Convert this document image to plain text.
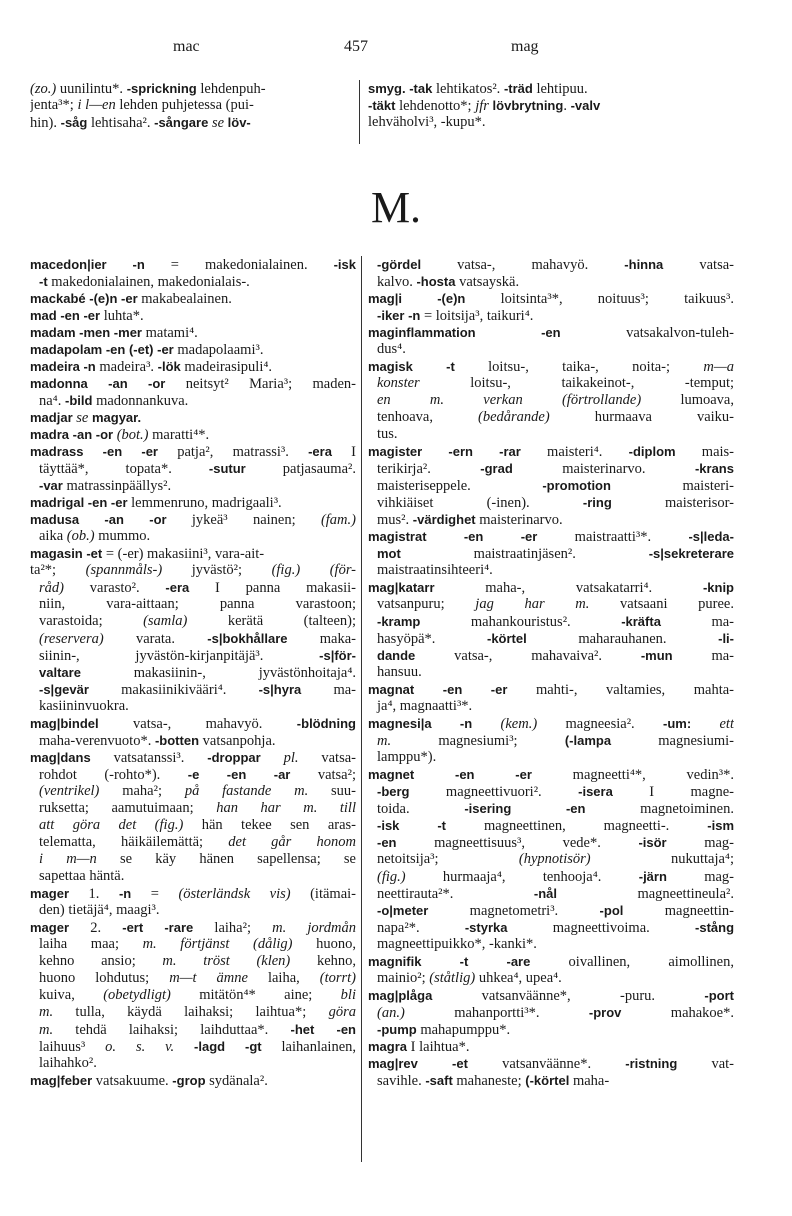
mac	457	mag
(zo.) uunilintu*. -sprickning lehdenpuh-
jenta³*; i l—en lehden puhjetessa (pui-
hin). -såg lehtisaha². -sångare se löv-
smyg. -tak lehtikatos². -träd lehtipuu.
-täkt lehdenotto*; jfr lövbrytning. -valv
lehväholvi³, -kupu*.
M.
macedon|ier -n = makedonialainen. -isk
-t makedonialainen, makedonialais-.
mackabé -(e)n -er makabealainen.
mad -en -er luhta*.
madam -men -mer matami⁴.
madapolam -en (-et) -er madapolaami³.
madeira -n madeira³. -lök madeirasipuli⁴.
madonna -an -or neitsyt² Maria³; maden-
na⁴. -bild madonnankuva.
madjar se magyar.
madra -an -or (bot.) maratti⁴*.
madrass -en -er patja², matrassi³. -era I
täyttää*, topata*. -sutur patjasauma².
-var matrassinpäällys².
madrigal -en -er lemmenruno, madrigaali³.
madusa -an -or jykeä³ nainen; (fam.)
aika (ob.) mummo.
magasin -et = (-er) makasiini³, vara-ait-
ta²*; (spannmåls-) jyvästö²; (fig.) (för-
råd) varasto². -era I panna makasii-
niin, vara-aittaan; panna varastoon;
varastoida; (samla) kerätä (talteen);
(reservera) varata. -s|bokhållare maka-
siinin-, jyvästön-kirjanpitäjä³. -s|för-
valtare makasiinin-, jyvästönhoitaja⁴.
-s|gevär makasiinikivääri⁴. -s|hyra ma-
kasiininvuokra.
mag|bindel vatsa-, mahavyö. -blödning
maha-verenvuoto*. -botten vatsanpohja.
mag|dans vatsatanssi³. -droppar pl. vatsa-
rohdot (-rohto*). -e -en -ar vatsa²;
(ventrikel) maha²; på fastande m. suu-
ruksetta; aamutuimaan; han har m. till
att göra det (fig.) hän tekee sen aras-
telematta, häikäilemättä; det går honom
i m—n se käy hänen sapellensa; se
sapettaa häntä.
mager 1. -n = (österländsk vis) (itämai-
den) tietäjä⁴, maagi³.
mager 2. -ert -rare laiha²; m. jordmån
laiha maa; m. förtjänst (dålig) huono,
kehno ansio; m. tröst (klen) kehno,
huono lohdutus; m—t ämne laiha, (torrt)
kuiva, (obetydligt) mitätön⁴* aine; bli
m. tulla, käydä laihaksi; laihtua*; göra
m. tehdä laihaksi; laihduttaa*. -het -en
laihuus³ o. s. v. -lagd -gt laihanlainen,
laihahko².
mag|feber vatsakuume. -grop sydänala².
-gördel vatsa-, mahavyö. -hinna vatsa-
kalvo. -hosta vatsayskä.
mag|i -(e)n loitsinta³*, noituus³; taikuus³.
-iker -n = loitsija³, taikuri⁴.
maginflammation -en vatsakalvon-tuleh-
dus⁴.
magisk -t loitsu-, taika-, noita-; m—a
konster loitsu-, taikakeinot-, -temput;
en m. verkan (förtrollande) lumoava,
tenhoava, (bedårande) hurmaava vaiku-
tus.
magister -ern -rar maisteri⁴. -diplom mais-
terikirja². -grad maisterinarvo. -krans
maisteriseppele. -promotion maisteri-
vihkiäiset (-inen). -ring maisterisor-
mus². -värdighet maisterinarvo.
magistrat -en -er maistraatti³*. -s|leda-
mot maistraatinjäsen². -s|sekreterare
maistraatinsihteeri⁴.
mag|katarr maha-, vatsakatarri⁴. -knip
vatsanpuru; jag har m. vatsaani puree.
-kramp mahankouristus². -kräfta ma-
hasyöpä*. -körtel maharauhanen. -li-
dande vatsa-, mahavaiva². -mun ma-
hansuu.
magnat -en -er mahti-, valtamies, mahta-
ja⁴, magnaatti³*.
magnesi|a -n (kem.) magneesia². -um: ett
m. magnesiumi³; (-lampa magnesiumi-
lamppu*).
magnet -en -er magneetti⁴*, vedin³*.
-berg magneettivuori². -isera I magne-
toida. -isering -en magnetoiminen.
-isk -t magneettinen, magneetti-. -ism
-en magneettisuus³, vede*. -isör mag-
netoitsija³; (hypnotisör) nukuttaja⁴;
(fig.) hurmaaja⁴, tenhooja⁴. -järn mag-
neettirauta²*. -nål magneettineula².
-o|meter magnetometri³. -pol magneettin-
napa²*. -styrka magneettivoima. -stång
magneettipuikko*, -kanki*.
magnifik -t -are oivallinen, aimollinen,
mainio²; (ståtlig) uhkea⁴, upea⁴.
mag|plåga vatsanväänne*, -puru. -port
(an.) mahanportti³*. -prov mahakoe*.
-pump mahapumppu*.
magra I laihtua*.
mag|rev -et vatsanväänne*. -ristning vat-
savihle. -saft mahaneste; (-körtel maha-
